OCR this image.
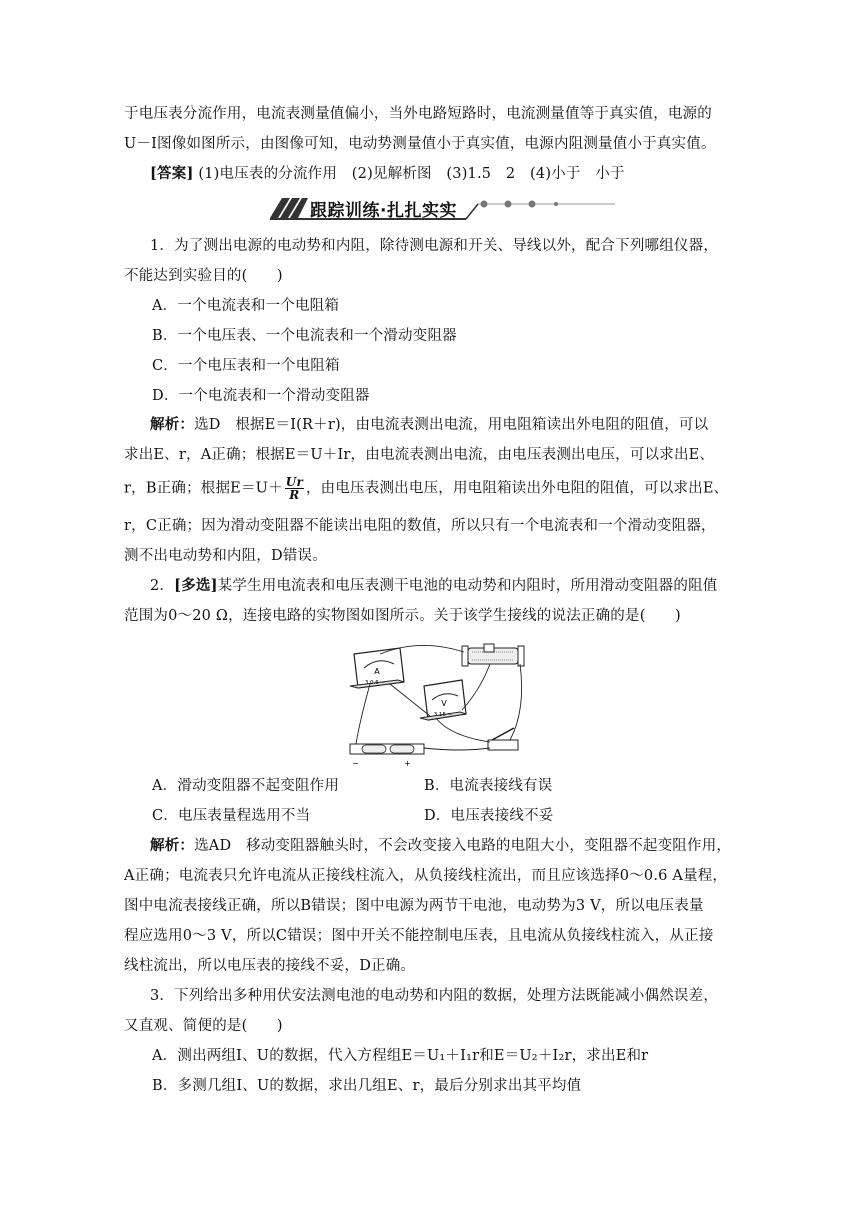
于电压表分流作用，电流表测量值偏小，当外电路短路时，电流测量值等于真实值，电源的
U－I图像如图所示，由图像可知，电动势测量值小于真实值，电源内阻测量值小于真实值。
[答案] (1)电压表的分流作用　(2)见解析图　(3)1.5　2　(4)小于　小于
跟踪训练·扎扎实实
1．为了测出电源的电动势和内阻，除待测电源和开关、导线以外，配合下列哪组仪器，
不能达到实验目的(　　)
A．一个电流表和一个电阻箱
B．一个电压表、一个电流表和一个滑动变阻器
C．一个电压表和一个电阻箱
D．一个电流表和一个滑动变阻器
解析：选D　根据E＝I(R＋r)，由电流表测出电流，用电阻箱读出外电阻的阻值，可以
求出E、r，A正确；根据E＝U＋Ir，由电流表测出电流，由电压表测出电压，可以求出E、
r，B正确；根据$E=U+ \frac{Ur}{R}$ ，由电压表测出电压，用电阻箱读出外电阻的阻值，可以求出E、
r，C正确；因为滑动变阻器不能读出电阻的数值，所以只有一个电流表和一个滑动变阻器，
测不出电动势和内阻，D错误。
2．[多选]某学生用电流表和电压表测干电池的电动势和内阻时，所用滑动变阻器的阻值
范围为0～20 Ω，连接电路的实物图如图所示。关于该学生接线的说法正确的是(　　)
A
3 0.6 −
V
3 15 −
−	+
A．滑动变阻器不起变阻作用	B．电流表接线有误
C．电压表量程选用不当	D．电压表接线不妥
解析：选AD　移动变阻器触头时，不会改变接入电路的电阻大小，变阻器不起变阻作用，
A正确；电流表只允许电流从正接线柱流入，从负接线柱流出，而且应该选择0～0.6 A量程，
图中电流表接线正确，所以B错误；图中电源为两节干电池，电动势为3 V，所以电压表量
程应选用0～3 V，所以C错误；图中开关不能控制电压表，且电流从负接线柱流入，从正接
线柱流出，所以电压表的接线不妥，D正确。
3．下列给出多种用伏安法测电池的电动势和内阻的数据，处理方法既能减小偶然误差，
又直观、简便的是(　　)
A．测出两组I、U的数据，代入方程组E＝U₁＋I₁r和E＝U₂＋I₂r，求出E和r
B．多测几组I、U的数据，求出几组E、r，最后分别求出其平均值
